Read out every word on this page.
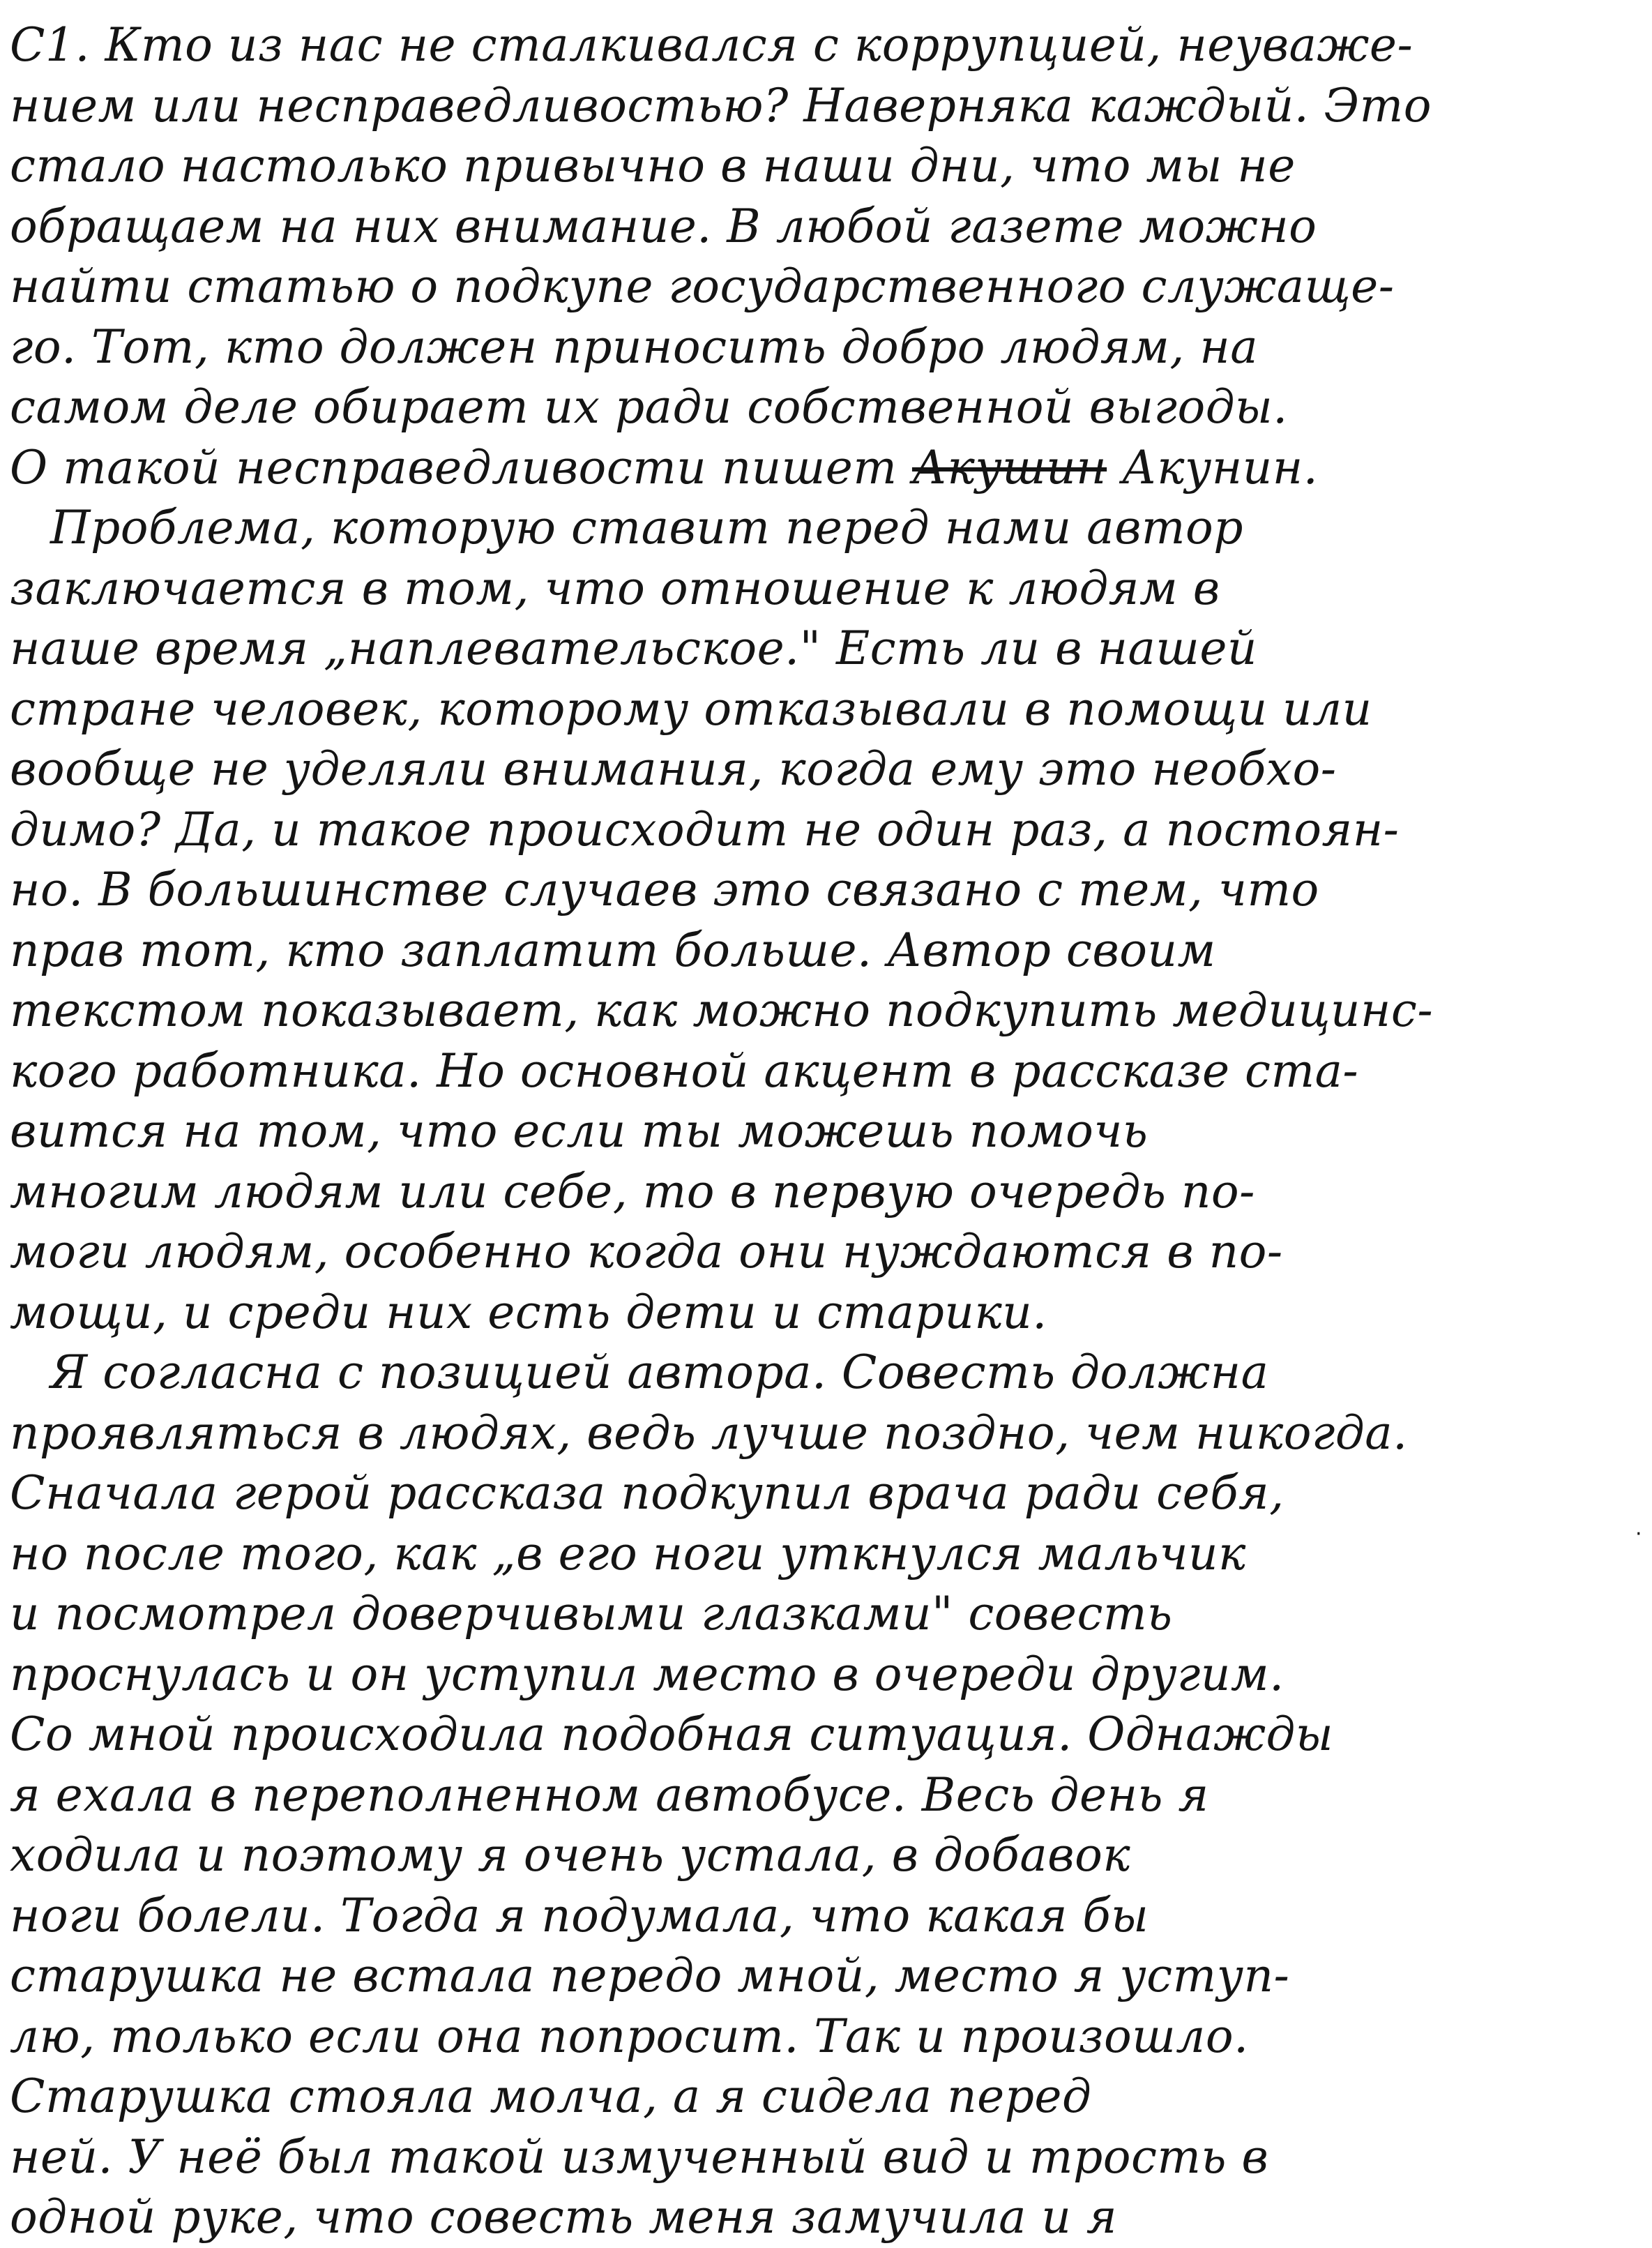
С1. Кто из нас не сталкивался с коррупцией, неуваже-
нием или несправедливостью? Наверняка каждый. Это
стало настолько привычно в наши дни, что мы не
обращаем на них внимание. В любой газете можно
найти статью о подкупе государственного служаще-
го. Тот, кто должен приносить добро людям, на
самом деле обирает их ради собственной выгоды.
О такой несправедливости пишет Акушин Акунин.
Проблема, которую ставит перед нами автор
заключается в том, что отношение к людям в
наше время „наплевательское." Есть ли в нашей
стране человек, которому отказывали в помощи или
вообще не уделяли внимания, когда ему это необхо-
димо? Да, и такое происходит не один раз, а постоян-
но. В большинстве случаев это связано с тем, что
прав тот, кто заплатит больше. Автор своим
текстом показывает, как можно подкупить медицинс-
кого работника. Но основной акцент в рассказе ста-
вится на том, что если ты можешь помочь
многим людям или себе, то в первую очередь по-
моги людям, особенно когда они нуждаются в по-
мощи, и среди них есть дети и старики.
Я согласна с позицией автора. Совесть должна
проявляться в людях, ведь лучше поздно, чем никогда.
Сначала герой рассказа подкупил врача ради себя,
но после того, как „в его ноги уткнулся мальчик
и посмотрел доверчивыми глазками" совесть
проснулась и он уступил место в очереди другим.
Со мной происходила подобная ситуация. Однажды
я ехала в переполненном автобусе. Весь день я
ходила и поэтому я очень устала, в добавок
ноги болели. Тогда я подумала, что какая бы
старушка не встала передо мной, место я уступ-
лю, только если она попросит. Так и произошло.
Старушка стояла молча, а я сидела перед
ней. У неё был такой измученный вид и трость в
одной руке, что совесть меня замучила и я
·
